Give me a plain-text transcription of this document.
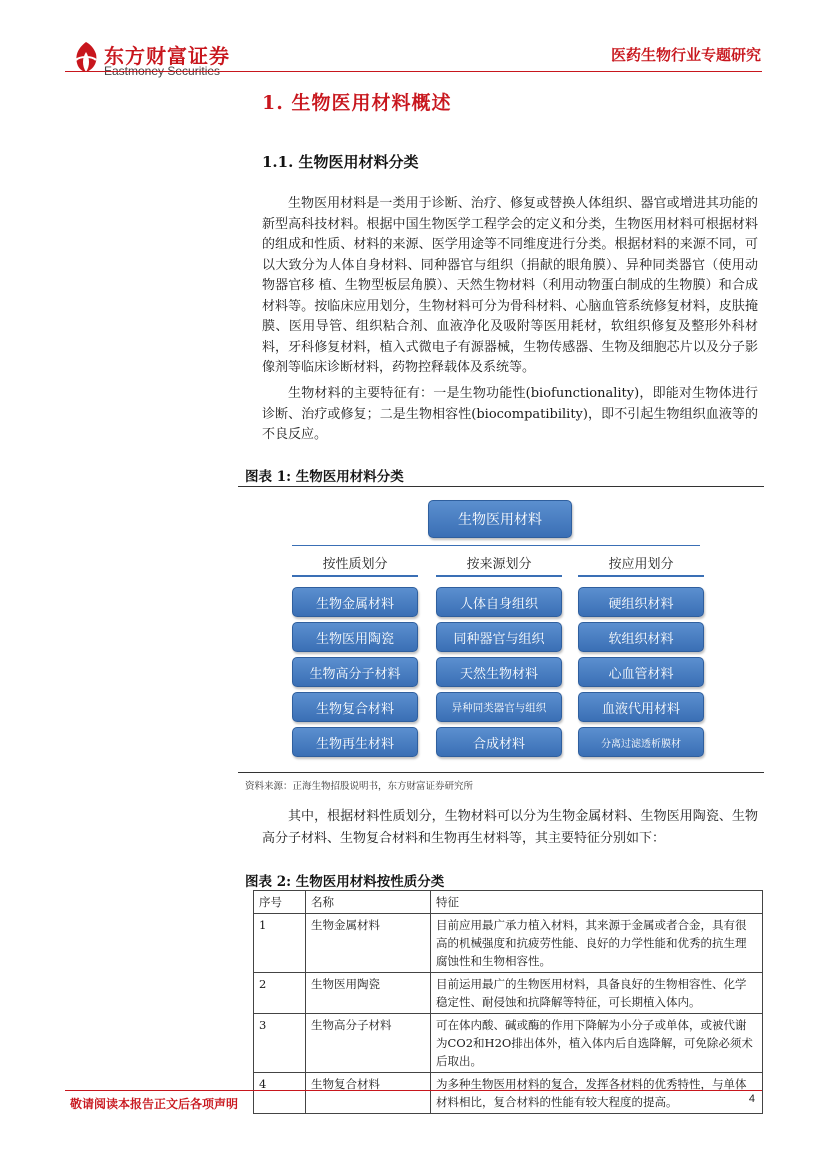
东方财富证券
Eastmoney Securities
医药生物行业专题研究
1. 生物医用材料概述
1.1. 生物医用材料分类
生物医用材料是一类用于诊断、治疗、修复或替换人体组织、器官或增进其功能的新型高科技材料。根据中国生物医学工程学会的定义和分类，生物医用材料可根据材料的组成和性质、材料的来源、医学用途等不同维度进行分类。根据材料的来源不同，可以大致分为人体自身材料、同种器官与组织（捐献的眼角膜）、异种同类器官（使用动物器官移 植、生物型板层角膜）、天然生物材料（利用动物蛋白制成的生物膜）和合成材料等。按临床应用划分，生物材料可分为骨科材料、心脑血管系统修复材料，皮肤掩膜、医用导管、组织粘合剂、血液净化及吸附等医用耗材，软组织修复及整形外科材料，牙科修复材料，植入式微电子有源器械，生物传感器、生物及细胞芯片以及分子影像剂等临床诊断材料，药物控释载体及系统等。
生物材料的主要特征有：一是生物功能性(biofunctionality)，即能对生物体进行诊断、治疗或修复；二是生物相容性(biocompatibility)，即不引起生物组织血液等的不良反应。
图表 1: 生物医用材料分类
生物医用材料
按性质划分	按来源划分	按应用划分
生物金属材料
生物医用陶瓷
生物高分子材料
生物复合材料
生物再生材料
人体自身组织
同种器官与组织
天然生物材料
异种同类器官与组织
合成材料
硬组织材料
软组织材料
心血管材料
血液代用材料
分离过滤透析膜材
资料来源：正海生物招股说明书，东方财富证券研究所
其中，根据材料性质划分，生物材料可以分为生物金属材料、生物医用陶瓷、生物高分子材料、生物复合材料和生物再生材料等，其主要特征分别如下：
图表 2: 生物医用材料按性质分类
序号	名称	特征
1	生物金属材料	目前应用最广承力植入材料，其来源于金属或者合金，具有很高的机械强度和抗疲劳性能、良好的力学性能和优秀的抗生理腐蚀性和生物相容性。
2	生物医用陶瓷	目前运用最广的生物医用材料，具备良好的生物相容性、化学稳定性、耐侵蚀和抗降解等特征，可长期植入体内。
3	生物高分子材料	可在体内酸、碱或酶的作用下降解为小分子或单体，或被代谢为CO2和H2O排出体外，植入体内后自选降解，可免除必须术后取出。
4	生物复合材料	为多种生物医用材料的复合，发挥各材料的优秀特性，与单体材料相比，复合材料的性能有较大程度的提高。
敬请阅读本报告正文后各项声明	4
